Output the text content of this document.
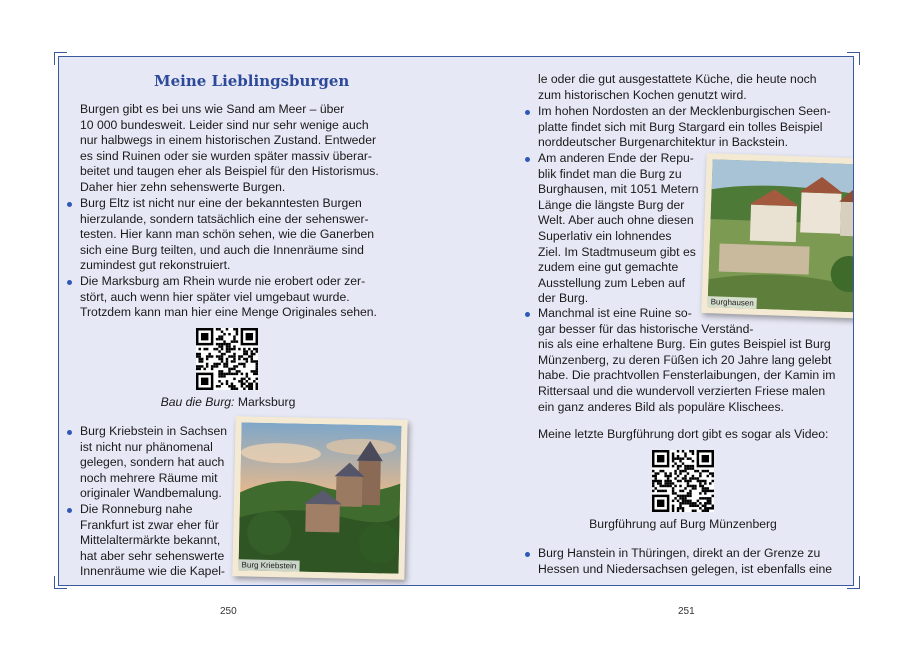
Meine Lieblingsburgen

Burgen gibt es bei uns wie Sand am Meer – über
10 000 bundesweit. Leider sind nur sehr wenige auch
nur halbwegs in einem historischen Zustand. Entweder
es sind Ruinen oder sie wurden später massiv überar-
beitet und taugen eher als Beispiel für den Historismus.
Daher hier zehn sehenswerte Burgen.

Burg Eltz ist nicht nur eine der bekanntesten Burgen
hierzulande, sondern tatsächlich eine der sehenswer-
testen. Hier kann man schön sehen, wie die Ganerben
sich eine Burg teilten, und auch die Innenräume sind
zumindest gut rekonstruiert.
Die Marksburg am Rhein wurde nie erobert oder zer-
stört, auch wenn hier später viel umgebaut wurde.
Trotzdem kann man hier eine Menge Originales sehen.
Bau die Burg: Marksburg
Burg Kriebstein in Sachsen
ist nicht nur phänomenal
gelegen, sondern hat auch
noch mehrere Räume mit
originaler Wandbemalung.
Die Ronneburg nahe
Frankfurt ist zwar eher für
Mittelaltermärkte bekannt,
hat aber sehr sehenswerte
Innenräume wie die Kapel-	Burg Kriebstein

le oder die gut ausgestattete Küche, die heute noch
zum historischen Kochen genutzt wird.

Im hohen Nordosten an der Mecklenburgischen Seen-
platte findet sich mit Burg Stargard ein tolles Beispiel
norddeutscher Burgenarchitektur in Backstein.
Am anderen Ende der Repu-
blik findet man die Burg zu
Burghausen, mit 1051 Metern
Länge die längste Burg der
Welt. Aber auch ohne diesen
Superlativ ein lohnendes
Ziel. Im Stadtmuseum gibt es
zudem eine gut gemachte
Ausstellung zum Leben auf
der Burg.	Burghausen
Manchmal ist eine Ruine so-
gar besser für das historische Verständ-
nis als eine erhaltene Burg. Ein gutes Beispiel ist Burg
Münzenberg, zu deren Füßen ich 20 Jahre lang gelebt
habe. Die prachtvollen Fensterlaibungen, der Kamin im
Rittersaal und die wundervoll verzierten Friese malen
ein ganz anderes Bild als populäre Klischees.

Meine letzte Burgführung dort gibt es sogar als Video:

Burgführung auf Burg Münzenberg
Burg Hanstein in Thüringen, direkt an der Grenze zu
Hessen und Niedersachsen gelegen, ist ebenfalls eine
250	251
